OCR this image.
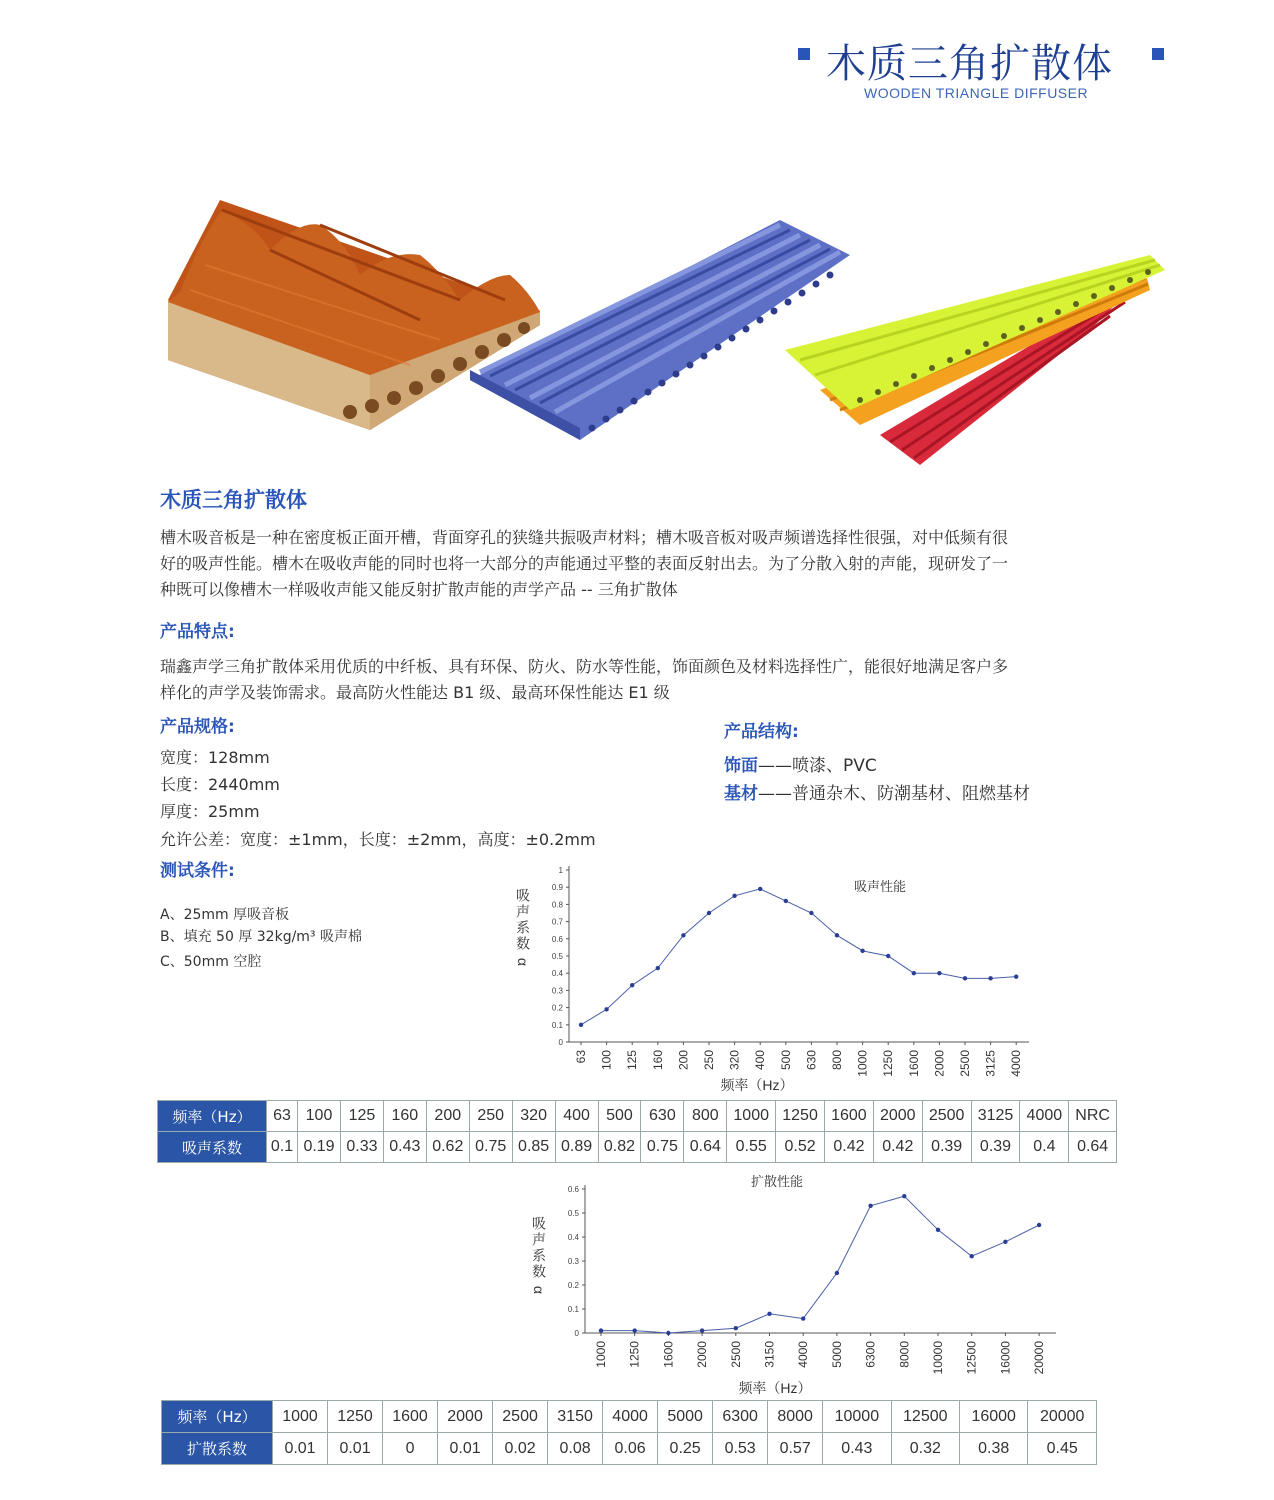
木质三角扩散体
WOODEN TRIANGLE DIFFUSER
木质三角扩散体
槽木吸音板是一种在密度板正面开槽，背面穿孔的狭缝共振吸声材料；槽木吸音板对吸声频谱选择性很强，对中低频有很
好的吸声性能。槽木在吸收声能的同时也将一大部分的声能通过平整的表面反射出去。为了分散入射的声能，现研发了一
种既可以像槽木一样吸收声能又能反射扩散声能的声学产品 -- 三角扩散体
产品特点:
瑞鑫声学三角扩散体采用优质的中纤板、具有环保、防火、防水等性能，饰面颜色及材料选择性广，能很好地满足客户多
样化的声学及装饰需求。最高防火性能达 B1 级、最高环保性能达 E1 级
产品规格:
宽度：128mm
长度：2440mm
厚度：25mm
允许公差：宽度：±1mm，长度：±2mm，高度：±0.2mm
产品结构:
饰面——喷漆、PVC
基材——普通杂木、防潮基材、阻燃基材
测试条件:
A、25mm 厚吸音板
B、填充 50 厚 32kg/m³ 吸声棉
C、50mm 空腔
0
0.1
0.2
0.3
0.4
0.5
0.6
0.7
0.8
0.9
1
63 100 125 160 200 250 320 400 500 630 800 1000 1250 1600 2000 2500 3125 4000
吸声性能
频率（Hz）
吸声系数 α
频率（Hz）	63	100	125	160	200	250	320	400	500	630	800	1000	1250	1600	2000	2500	3125	4000	NRC
吸声系数	0.1	0.19	0.33	0.43	0.62	0.75	0.85	0.89	0.82	0.75	0.64	0.55	0.52	0.42	0.42	0.39	0.39	0.4	0.64
0
0.1
0.2
0.3
0.4
0.5
0.6
1000 1250 1600 2000 2500 3150 4000 5000 6300 8000 10000 12500 16000 20000
扩散性能
频率（Hz）
吸声系数 α
频率（Hz）	1000	1250	1600	2000	2500	3150	4000	5000	6300	8000	10000	12500	16000	20000
扩散系数	0.01	0.01	0	0.01	0.02	0.08	0.06	0.25	0.53	0.57	0.43	0.32	0.38	0.45
